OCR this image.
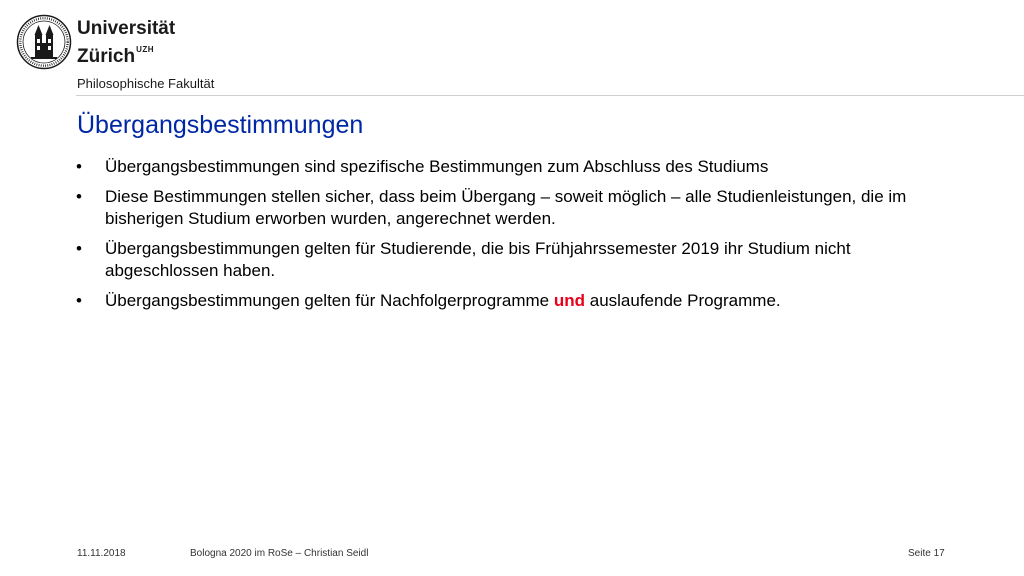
Universität
Zürich$^{UZH}$
Philosophische Fakultät
Übergangsbestimmungen
• Übergangsbestimmungen sind spezifische Bestimmungen zum Abschluss des Studiums
• Diese Bestimmungen stellen sicher, dass beim Übergang – soweit möglich – alle Studienleistungen, die im bisherigen Studium erworben wurden, angerechnet werden.
• Übergangsbestimmungen gelten für Studierende, die bis Frühjahrssemester 2019 ihr Studium nicht abgeschlossen haben.
• Übergangsbestimmungen gelten für Nachfolgerprogramme und auslaufende Programme.
11.11.2018	Bologna 2020 im RoSe – Christian Seidl	Seite 17
